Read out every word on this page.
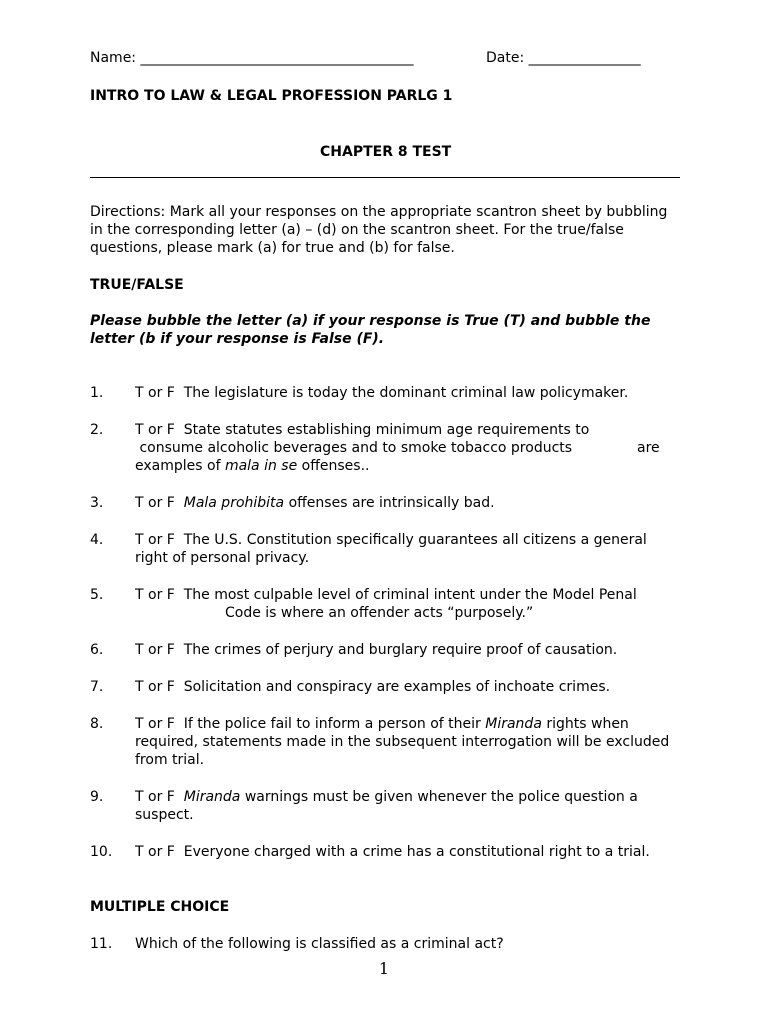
Name: _______________________________________	Date: ________________
INTRO TO LAW & LEGAL PROFESSION PARLG 1
CHAPTER 8 TEST
Directions: Mark all your responses on the appropriate scantron sheet by bubbling
in the corresponding letter (a) – (d) on the scantron sheet. For the true/false
questions, please mark (a) for true and (b) for false.
TRUE/FALSE
Please bubble the letter (a) if your response is True (T) and bubble the
letter (b if your response is False (F).
1. T or F The legislature is today the dominant criminal law policymaker.
2. T or F State statutes establishing minimum age requirements to
consume alcoholic beverages and to smoke tobacco products	are
examples of mala in se offenses..
3. T or F Mala prohibita offenses are intrinsically bad.
4. T or F The U.S. Constitution specifically guarantees all citizens a general
right of personal privacy.
5. T or F The most culpable level of criminal intent under the Model Penal
Code is where an offender acts “purposely.”
6. T or F The crimes of perjury and burglary require proof of causation.
7. T or F Solicitation and conspiracy are examples of inchoate crimes.
8. T or F If the police fail to inform a person of their Miranda rights when
required, statements made in the subsequent interrogation will be excluded
from trial.
9. T or F Miranda warnings must be given whenever the police question a
suspect.
10. T or F Everyone charged with a crime has a constitutional right to a trial.
MULTIPLE CHOICE
11. Which of the following is classified as a criminal act?
1
